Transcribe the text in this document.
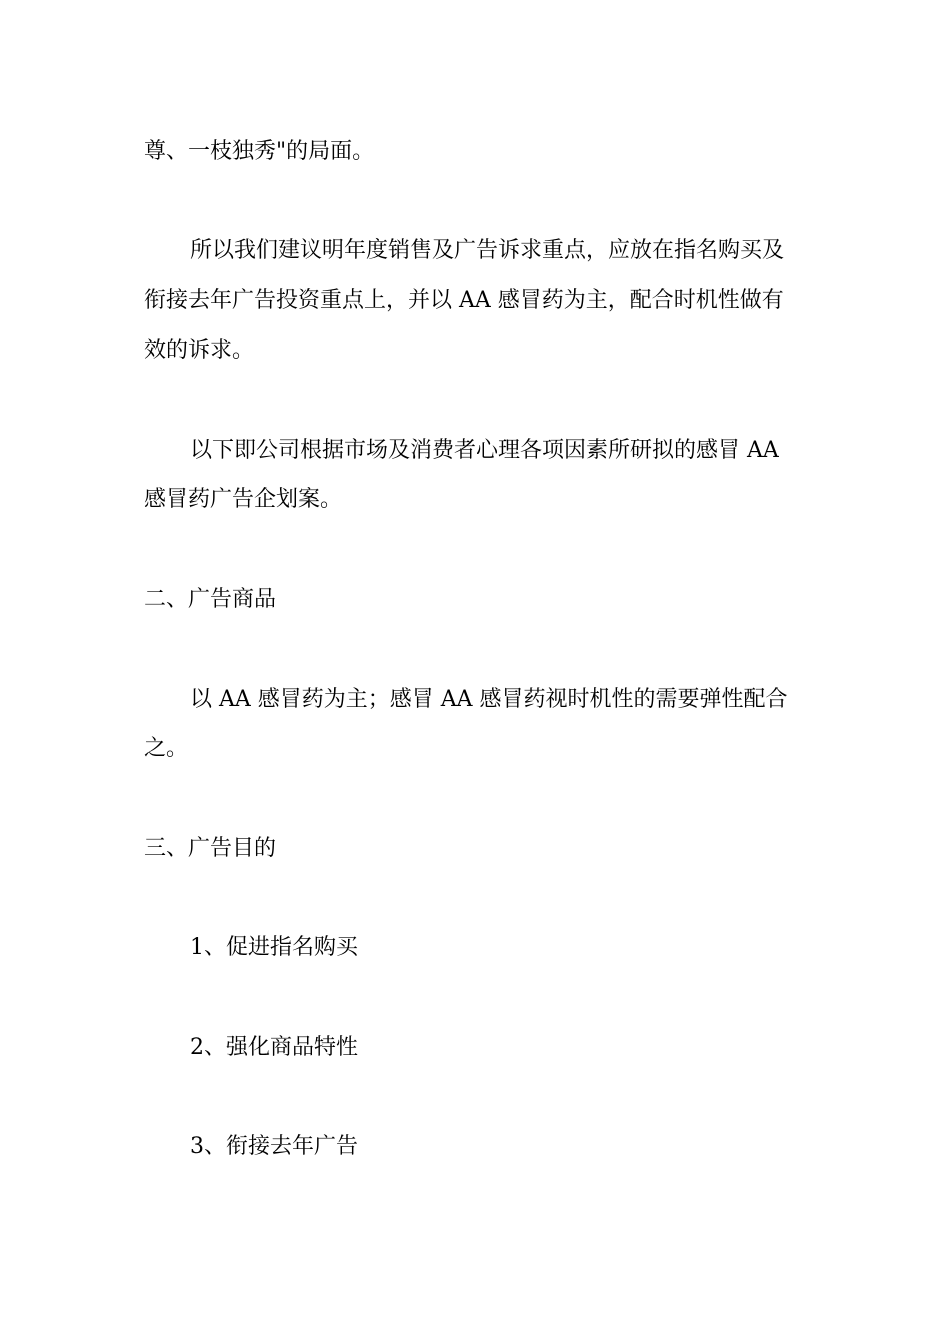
尊、一枝独秀"的局面。
所以我们建议明年度销售及广告诉求重点，应放在指名购买及
衔接去年广告投资重点上，并以 AA 感冒药为主，配合时机性做有
效的诉求。
以下即公司根据市场及消费者心理各项因素所研拟的感冒 AA
感冒药广告企划案。
二、广告商品
以 AA 感冒药为主；感冒 AA 感冒药视时机性的需要弹性配合
之。
三、广告目的
1、促进指名购买
2、强化商品特性
3、衔接去年广告
